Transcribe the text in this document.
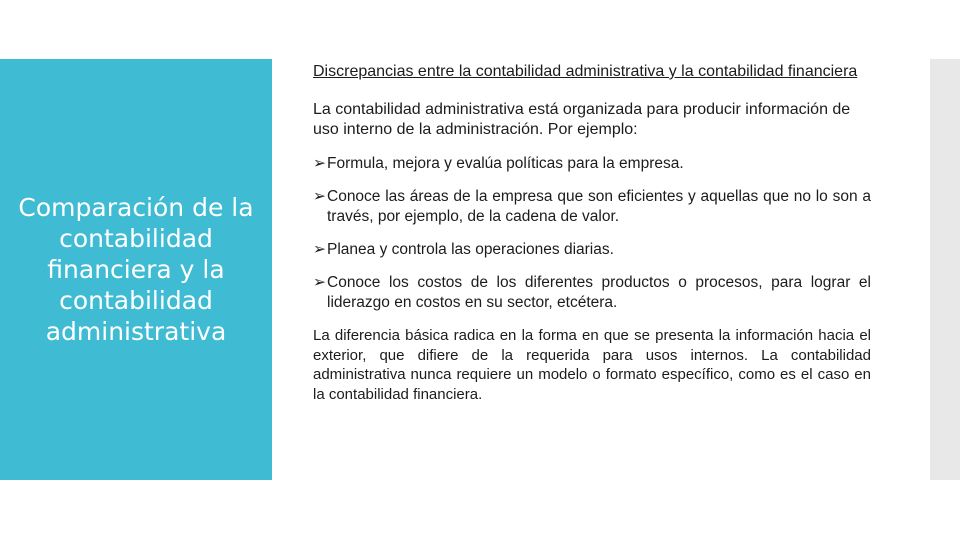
Comparación de la contabilidad financiera y la contabilidad administrativa

Discrepancias entre la contabilidad administrativa y la contabilidad financiera

La contabilidad administrativa está organizada para producir información de uso interno de la administración. Por ejemplo:

➢Formula, mejora y evalúa políticas para la empresa.
➢Conoce las áreas de la empresa que son eficientes y aquellas que no lo son a través, por ejemplo, de la cadena de valor.
➢Planea y controla las operaciones diarias.
➢Conoce los costos de los diferentes productos o procesos, para lograr el liderazgo en costos en su sector, etcétera.

La diferencia básica radica en la forma en que se presenta la información hacia el exterior, que difiere de la requerida para usos internos. La contabilidad administrativa nunca requiere un modelo o formato específico, como es el caso en la contabilidad financiera.
